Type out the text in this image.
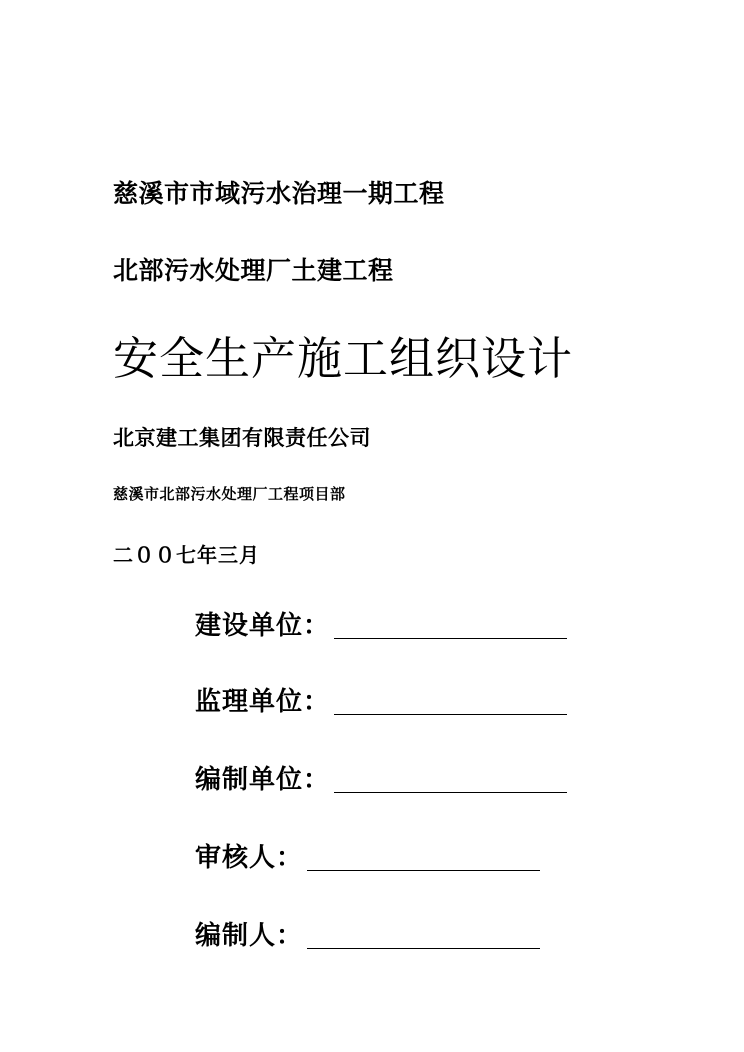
慈溪市市域污水治理一期工程
北部污水处理厂土建工程
安全生产施工组织设计
北京建工集团有限责任公司
慈溪市北部污水处理厂工程项目部
二００七年三月
建设单位：
监理单位：
编制单位：
审核人：
编制人：
